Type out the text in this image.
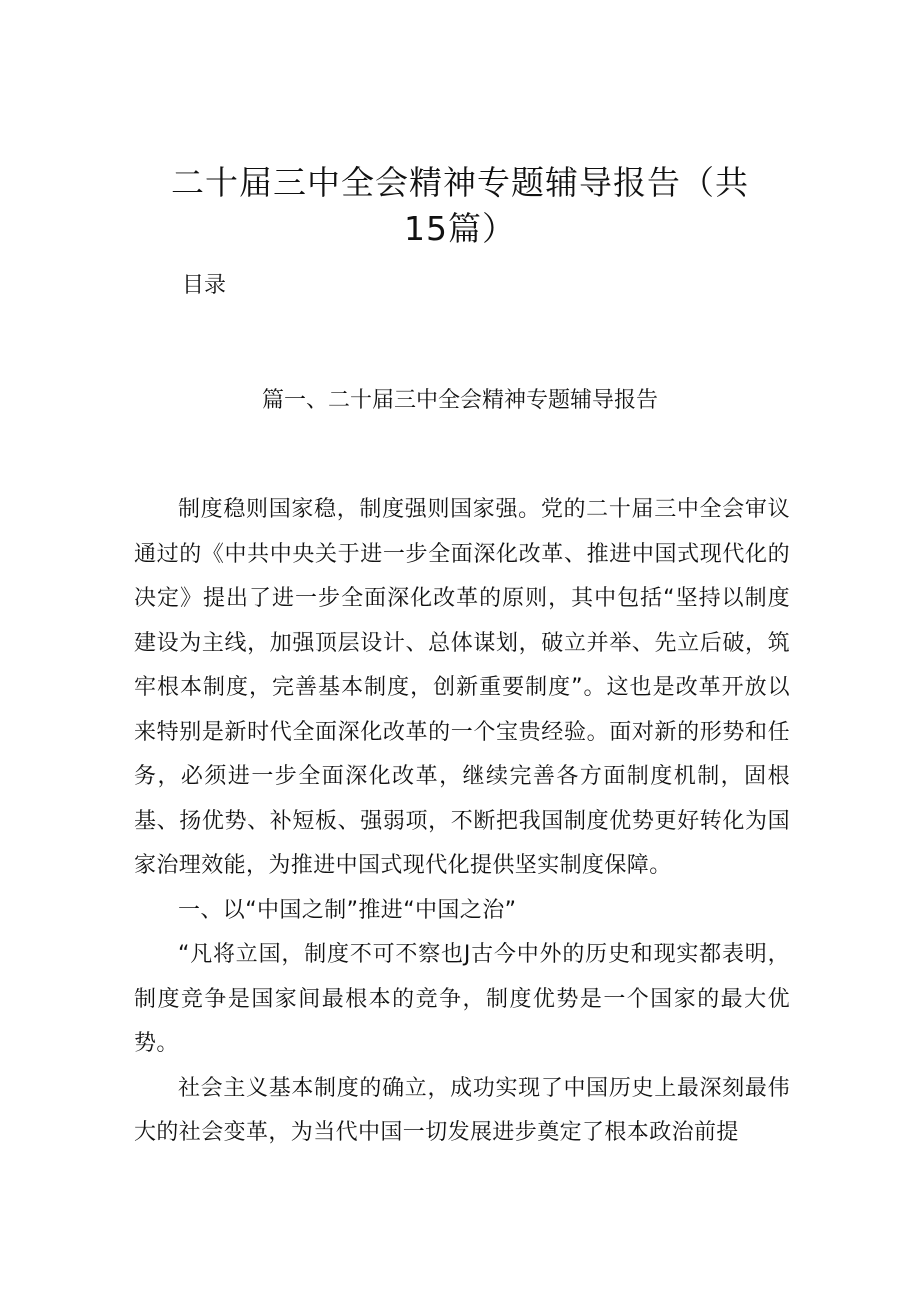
二十届三中全会精神专题辅导报告（共15篇）
目录
篇一、二十届三中全会精神专题辅导报告

制度稳则国家稳，制度强则国家强。党的二十届三中全会审议通过的《中共中央关于进一步全面深化改革、推进中国式现代化的决定》提出了进一步全面深化改革的原则，其中包括“坚持以制度建设为主线，加强顶层设计、总体谋划，破立并举、先立后破，筑牢根本制度，完善基本制度，创新重要制度”。这也是改革开放以来特别是新时代全面深化改革的一个宝贵经验。面对新的形势和任务，必须进一步全面深化改革，继续完善各方面制度机制，固根基、扬优势、补短板、强弱项，不断把我国制度优势更好转化为国家治理效能，为推进中国式现代化提供坚实制度保障。

一、以“中国之制”推进“中国之治”

“凡将立国，制度不可不察也J古今中外的历史和现实都表明，制度竞争是国家间最根本的竞争，制度优势是一个国家的最大优势。

社会主义基本制度的确立，成功实现了中国历史上最深刻最伟大的社会变革，为当代中国一切发展进步奠定了根本政治前提
